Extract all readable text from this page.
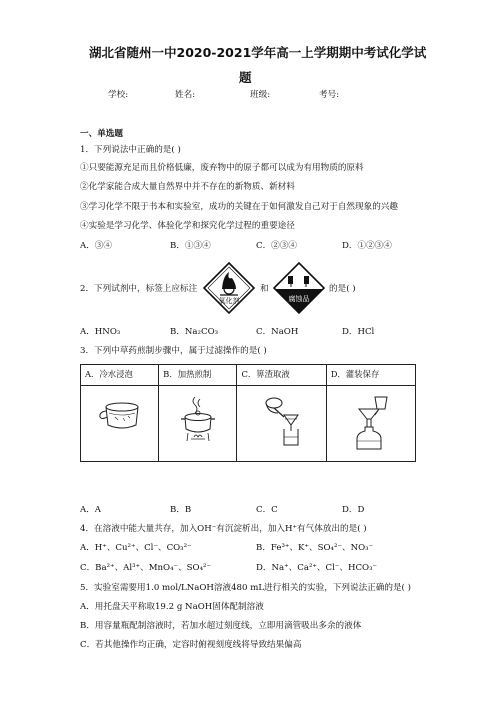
湖北省随州一中2020-2021学年高一上学期期中考试化学试
题
学校:	姓名:	班级:	考号:
一、单选题
1．下列说法中正确的是( )
①只要能源充足而且价格低廉，废弃物中的原子都可以成为有用物质的原料
②化学家能合成大量自然界中并不存在的新物质、新材料
③学习化学不限于书本和实验室，成功的关键在于如何激发自己对于自然现象的兴趣
④实验是学习化学、体验化学和探究化学过程的重要途径
A．③④	B．①③④	C．②③④	D．①②③④
2．下列试剂中，标签上应标注
氧化剂
和
腐蚀品
的是( )
A．HNO₃	B．Na₂CO₃	C．NaOH	D．HCl
3．下列中草药煎制步骤中，属于过滤操作的是( )
A．冷水浸泡	B．加热煎制	C．箅渣取液	D．灌装保存

A．A	B．B	C．C	D．D
4．在溶液中能大量共存，加入OH⁻有沉淀析出，加入H⁺有气体放出的是( )
A．H⁺、Cu²⁺、Cl⁻、CO₃²⁻	B．Fe³⁺、K⁺、SO₄²⁻、NO₃⁻
C．Ba²⁺、Al³⁺、MnO₄⁻、SO₄²⁻	D．Na⁺、Ca²⁺、Cl⁻、HCO₃⁻
5．实验室需要用1.0 mol/LNaOH溶液480 mL进行相关的实验，下列说法正确的是( )
A．用托盘天平称取19.2 g NaOH固体配制溶液
B．用容量瓶配制溶液时，若加水超过刻度线，立即用滴管吸出多余的液体
C．若其他操作均正确，定容时俯视刻度线将导致结果偏高
